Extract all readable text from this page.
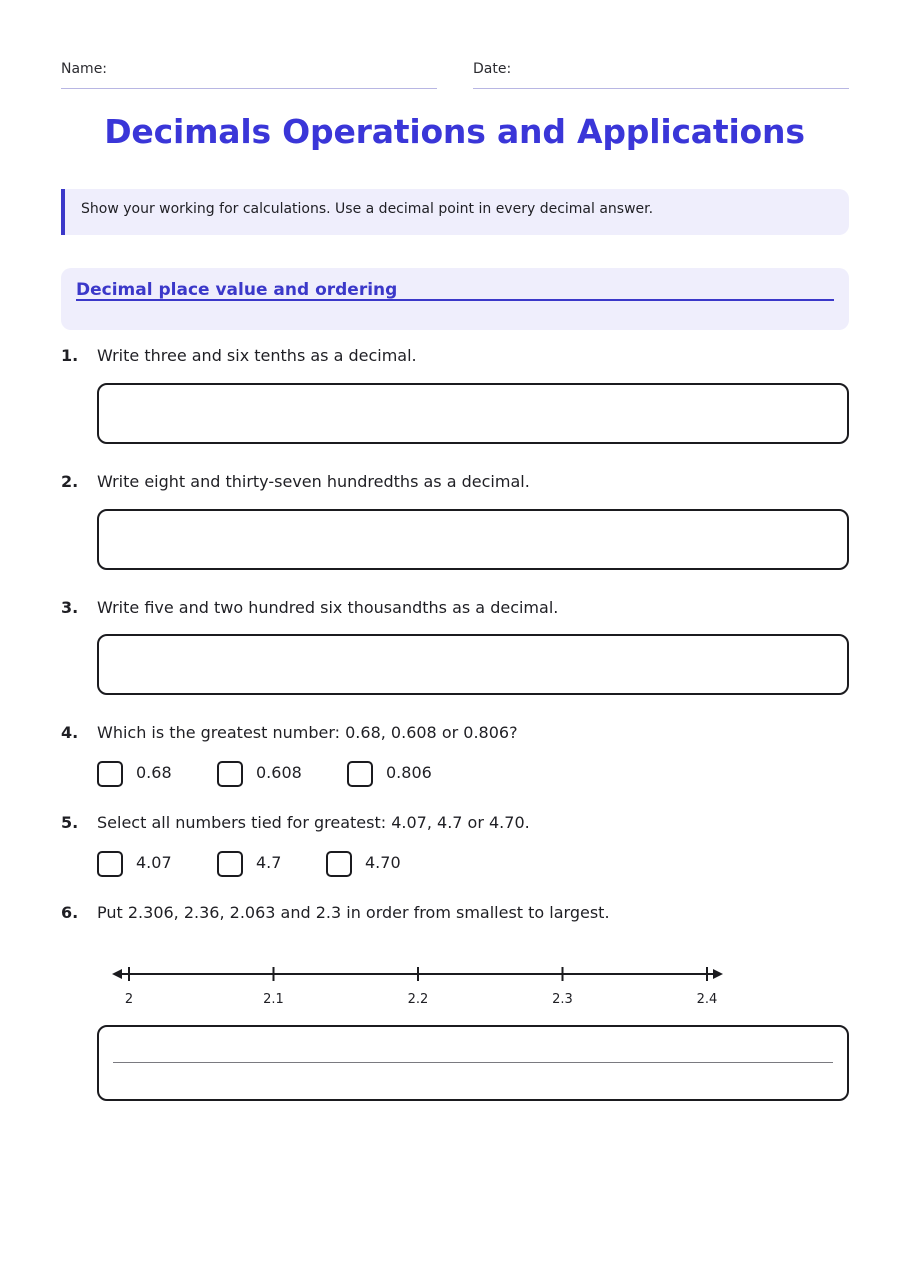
Name:	Date:
Decimals Operations and Applications
Show your working for calculations. Use a decimal point in every decimal answer.
Decimal place value and ordering
1. Write three and six tenths as a decimal.
2. Write eight and thirty-seven hundredths as a decimal.
3. Write five and two hundred six thousandths as a decimal.
4. Which is the greatest number: 0.68, 0.608 or 0.806?
0.68	0.608	0.806
5. Select all numbers tied for greatest: 4.07, 4.7 or 4.70.
4.07	4.7	4.70
6. Put 2.306, 2.36, 2.063 and 2.3 in order from smallest to largest.
2	2.1	2.2	2.3	2.4
